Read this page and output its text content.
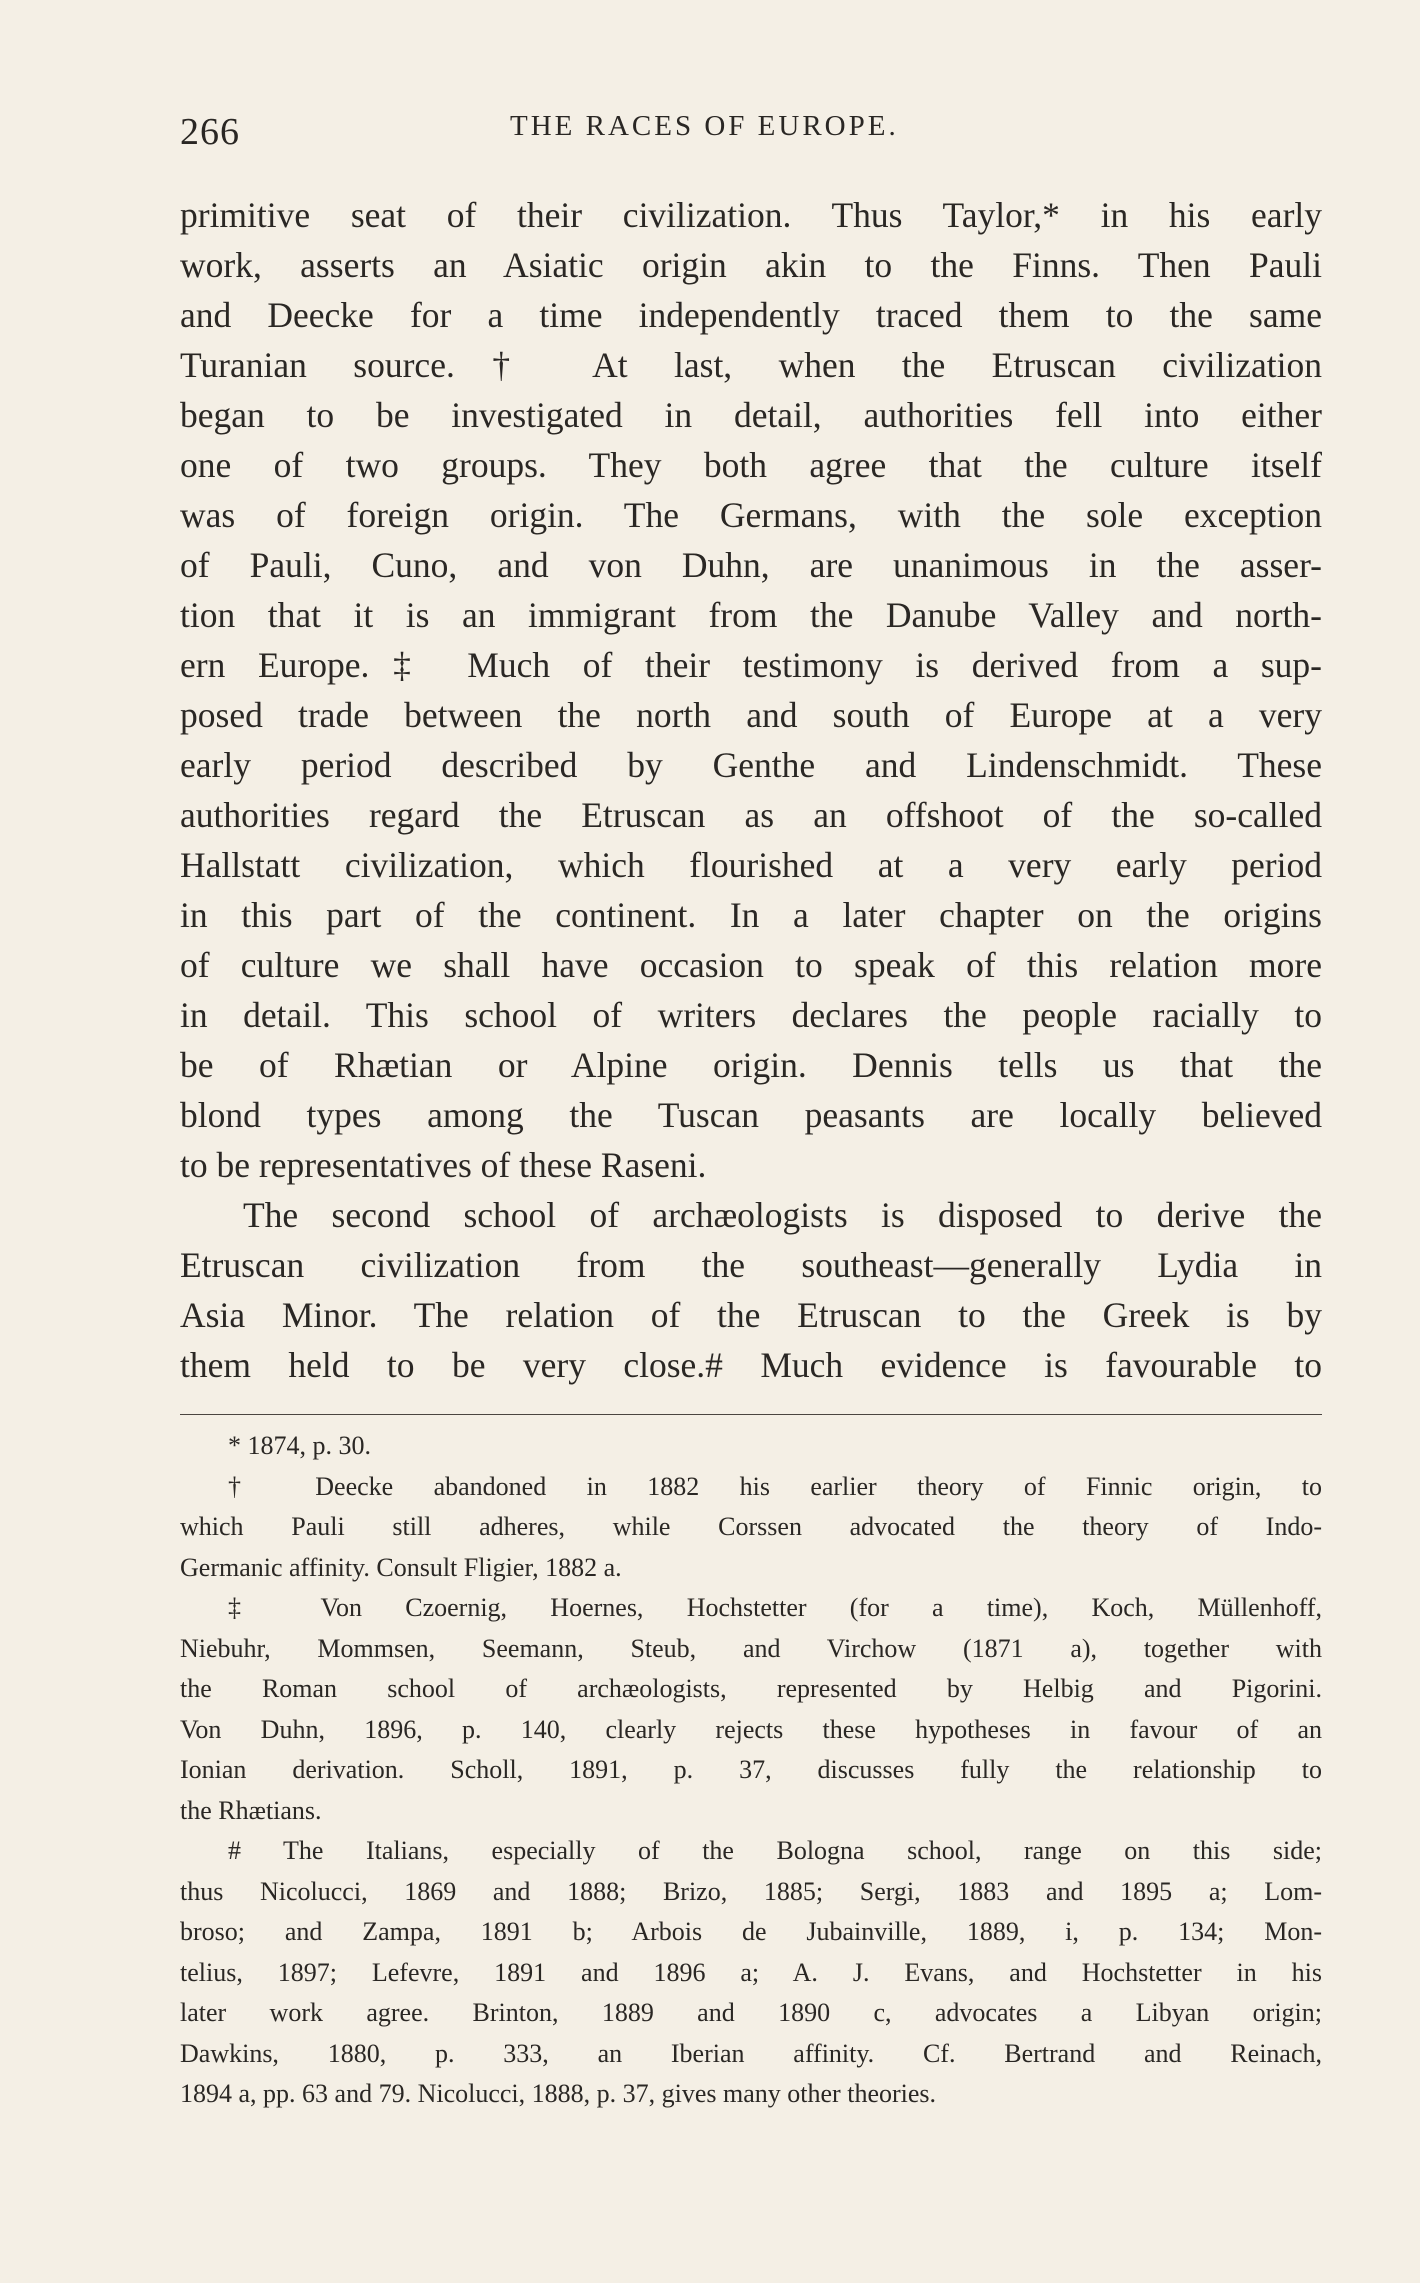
266	THE RACES OF EUROPE.
primitive seat of their civilization. Thus Taylor,* in his early
work, asserts an Asiatic origin akin to the Finns. Then Pauli
and Deecke for a time independently traced them to the same
Turanian source.† At last, when the Etruscan civilization
began to be investigated in detail, authorities fell into either
one of two groups. They both agree that the culture itself
was of foreign origin. The Germans, with the sole exception
of Pauli, Cuno, and von Duhn, are unanimous in the asser-
tion that it is an immigrant from the Danube Valley and north-
ern Europe.‡ Much of their testimony is derived from a sup-
posed trade between the north and south of Europe at a very
early period described by Genthe and Lindenschmidt. These
authorities regard the Etruscan as an offshoot of the so-called
Hallstatt civilization, which flourished at a very early period
in this part of the continent. In a later chapter on the origins
of culture we shall have occasion to speak of this relation more
in detail. This school of writers declares the people racially to
be of Rhætian or Alpine origin. Dennis tells us that the
blond types among the Tuscan peasants are locally believed
to be representatives of these Raseni.
The second school of archæologists is disposed to derive the
Etruscan civilization from the southeast—generally Lydia in
Asia Minor. The relation of the Etruscan to the Greek is by
them held to be very close.# Much evidence is favourable to
* 1874, p. 30.
† Deecke abandoned in 1882 his earlier theory of Finnic origin, to
which Pauli still adheres, while Corssen advocated the theory of Indo-
Germanic affinity. Consult Fligier, 1882 a.
‡ Von Czoernig, Hoernes, Hochstetter (for a time), Koch, Müllenhoff,
Niebuhr, Mommsen, Seemann, Steub, and Virchow (1871 a), together with
the Roman school of archæologists, represented by Helbig and Pigorini.
Von Duhn, 1896, p. 140, clearly rejects these hypotheses in favour of an
Ionian derivation. Scholl, 1891, p. 37, discusses fully the relationship to
the Rhætians.
# The Italians, especially of the Bologna school, range on this side;
thus Nicolucci, 1869 and 1888; Brizo, 1885; Sergi, 1883 and 1895 a; Lom-
broso; and Zampa, 1891 b; Arbois de Jubainville, 1889, i, p. 134; Mon-
telius, 1897; Lefevre, 1891 and 1896 a; A. J. Evans, and Hochstetter in his
later work agree. Brinton, 1889 and 1890 c, advocates a Libyan origin;
Dawkins, 1880, p. 333, an Iberian affinity. Cf. Bertrand and Reinach,
1894 a, pp. 63 and 79. Nicolucci, 1888, p. 37, gives many other theories.
